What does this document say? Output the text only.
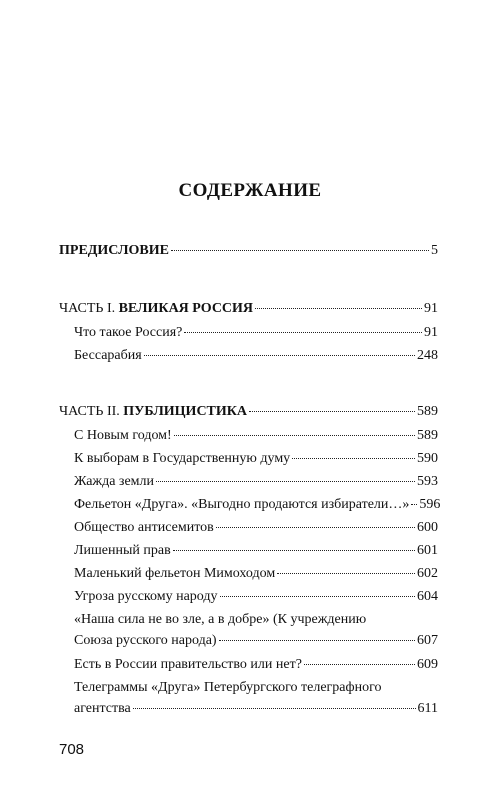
СОДЕРЖАНИЕ
ПРЕДИСЛОВИЕ	5
ЧАСТЬ I. ВЕЛИКАЯ РОССИЯ	91
Что такое Россия?	91
Бессарабия	248
ЧАСТЬ II. ПУБЛИЦИСТИКА	589
С Новым годом!	589
К выборам в Государственную думу	590
Жажда земли	593
Фельетон «Друга». «Выгодно продаются избиратели…» 596
Общество антисемитов	600
Лишенный прав	601
Маленький фельетон Мимоходом	602
Угроза русскому народу	604
«Наша сила не во зле, а в добре» (К учреждению
Союза русского народа)	607
Есть в России правительство или нет?	609
Телеграммы «Друга» Петербургского телеграфного
агентства	611
708
